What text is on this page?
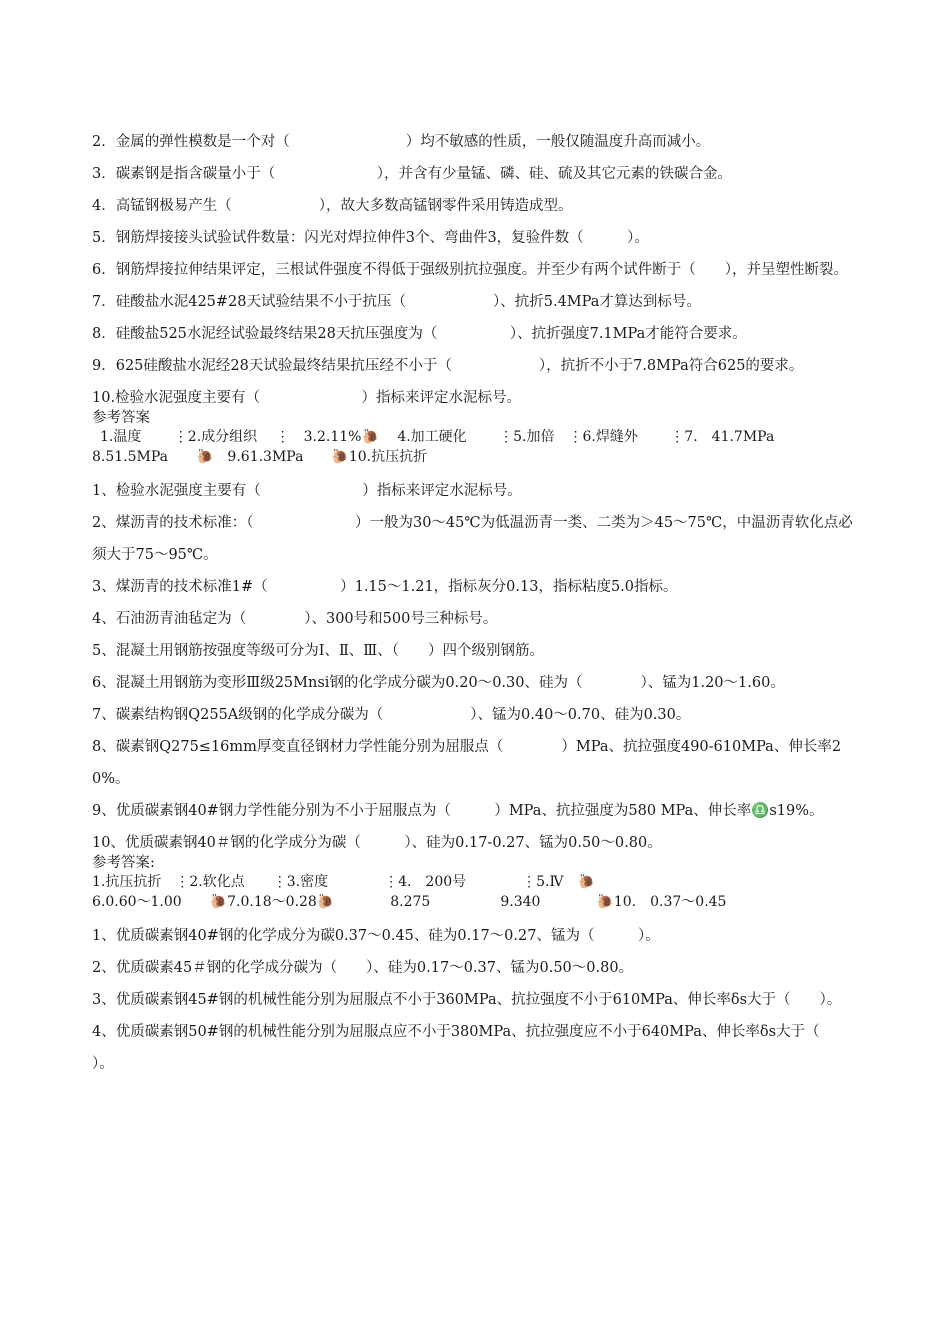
2．金属的弹性模数是一个对（　　　　　　　　）均不敏感的性质，一般仅随温度升高而减小。

3．碳素钢是指含碳量小于（　　　　　　　），并含有少量锰、磷、硅、硫及其它元素的铁碳合金。

4．高锰钢极易产生（　　　　　　），故大多数高锰钢零件采用铸造成型。

5．钢筋焊接接头试验试件数量：闪光对焊拉伸件3个、弯曲件3，复验件数（　　　）。

6．钢筋焊接拉伸结果评定，三根试件强度不得低于强级别抗拉强度。并至少有两个试件断于（　　），并呈塑性断裂。

7．硅酸盐水泥425#28天试验结果不小于抗压（　　　　　　）、抗折5.4MPa才算达到标号。

8．硅酸盐525水泥经试验最终结果28天抗压强度为（　　　　　）、抗折强度7.1MPa才能符合要求。

9．625硅酸盐水泥经28天试验最终结果抗压经不小于（　　　　　　），抗折不小于7.8MPa符合625的要求。

10.检验水泥强度主要有（　　　　　　　）指标来评定水泥标号。

参考答案

1.温度　　 ⋮2.成分组织　 ⋮　3.2.11%🐌　 4.加工硬化　　 ⋮5.加倍　⋮6.焊缝外　　 ⋮7.　41.7MPa

8.51.5MPa　　🐌　9.61.3MPa　　🐌10.抗压抗折

1、检验水泥强度主要有（　　　　　　　）指标来评定水泥标号。

2、煤沥青的技术标准：（　　　　　　　）一般为30～45℃为低温沥青一类、二类为＞45～75℃，中温沥青软化点必须大于75～95℃。

3、煤沥青的技术标准1#（　　　　　）1.15～1.21，指标灰分0.13，指标粘度5.0指标。

4、石油沥青油毡定为（　　　　）、300号和500号三种标号。

5、混凝土用钢筋按强度等级可分为Ⅰ、Ⅱ、Ⅲ、（　　）四个级别钢筋。

6、混凝土用钢筋为变形Ⅲ级25Mnsi钢的化学成分碳为0.20～0.30、硅为（　　　　）、锰为1.20～1.60。

7、碳素结构钢Q255A级钢的化学成分碳为（　　　　　　）、锰为0.40～0.70、硅为0.30。

8、碳素钢Q275≤16mm厚变直径钢材力学性能分别为屈服点（　　　　）MPa、抗拉强度490-610MPa、伸长率20%。

9、优质碳素钢40#钢力学性能分别为不小于屈服点为（　　　）MPa、抗拉强度为580 MPa、伸长率♎s19%。

10、优质碳素钢40＃钢的化学成分为碳（　　　）、硅为0.17-0.27、锰为0.50～0.80。

参考答案:

1.抗压抗折　⋮2.软化点　　⋮3.密度　　　　⋮4.　200号　　　　⋮5.Ⅳ　🐌

6.0.60～1.00　　🐌7.0.18～0.28🐌　　　　8.275　　　　　9.340　　　　🐌10.　0.37～0.45

1、优质碳素钢40#钢的化学成分为碳0.37～0.45、硅为0.17～0.27、锰为（　　　）。

2、优质碳素45＃钢的化学成分碳为（　　）、硅为0.17～0.37、锰为0.50～0.80。

3、优质碳素钢45#钢的机械性能分别为屈服点不小于360MPa、抗拉强度不小于610MPa、伸长率δs大于（　　）。

4、优质碳素钢50#钢的机械性能分别为屈服点应不小于380MPa、抗拉强度应不小于640MPa、伸长率δs大于（　　）。
